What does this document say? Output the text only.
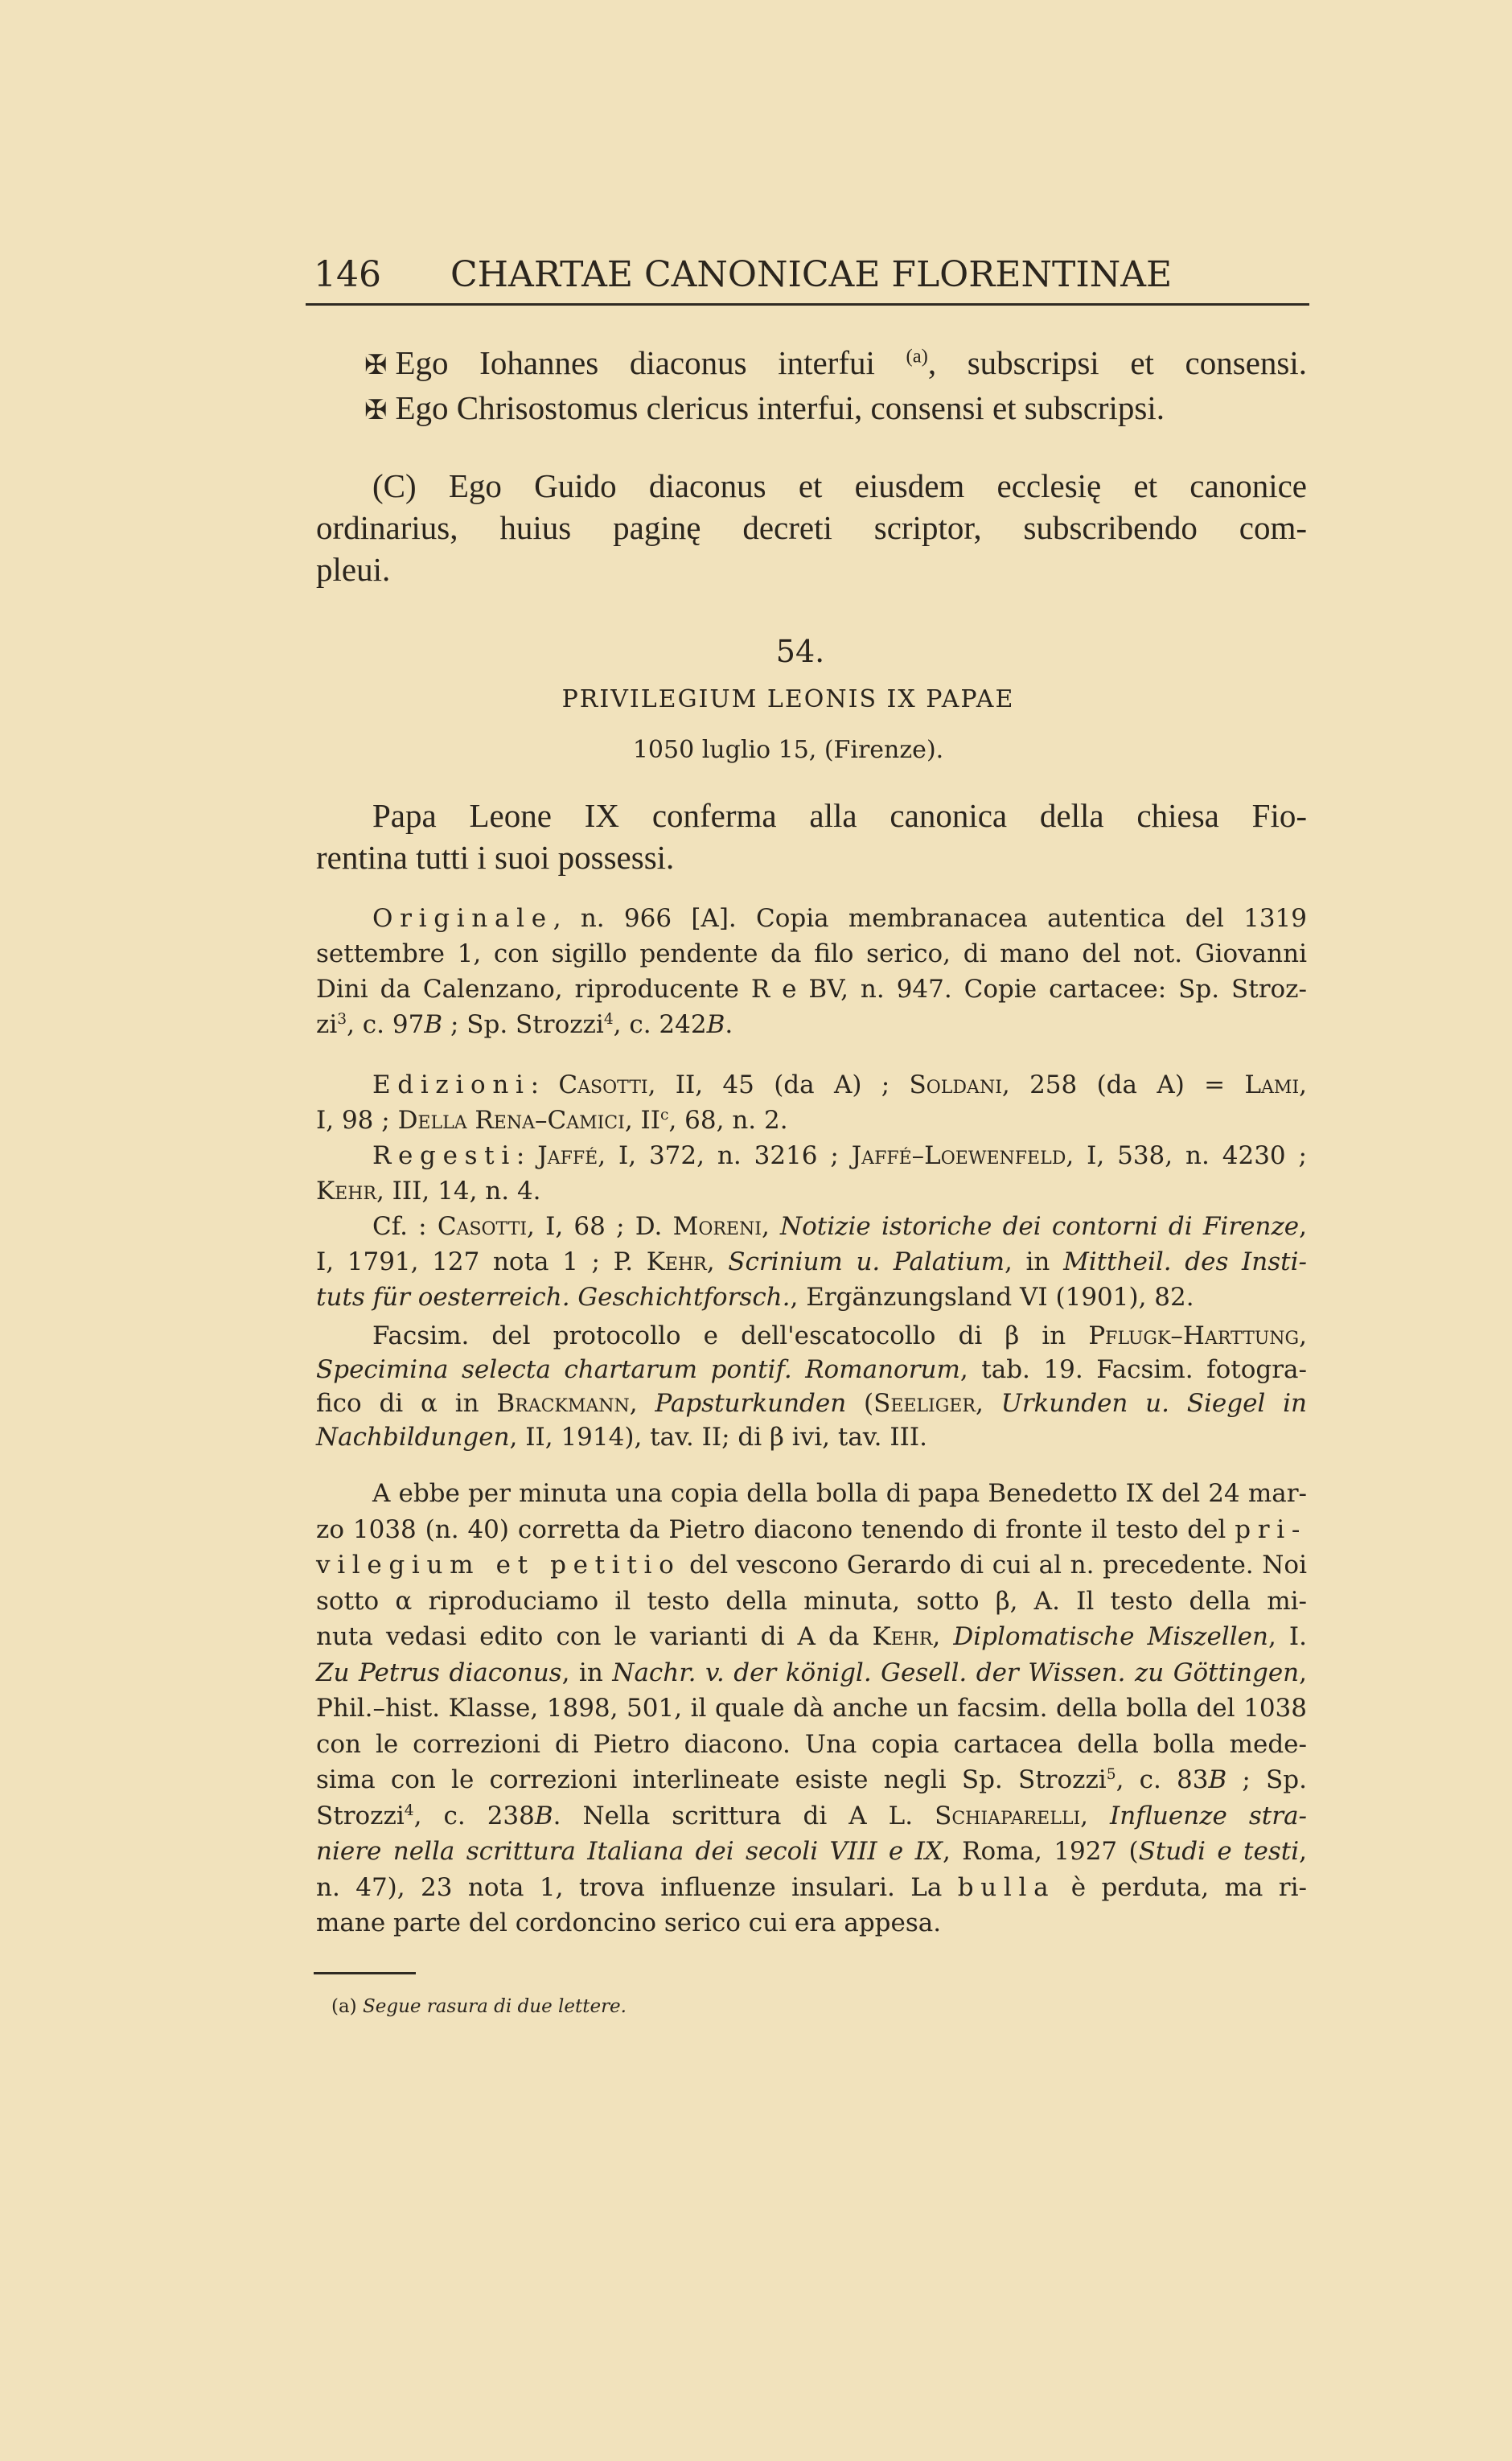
146 CHARTAE CANONICAE FLORENTINAE
✠ Ego Iohannes diaconus interfui $^{(a)}$, subscripsi et consensi.
✠ Ego Chrisostomus clericus interfui, consensi et subscripsi.
(C) Ego Guido diaconus et eiusdem ecclesię et canonice
ordinarius, huius paginę decreti scriptor, subscribendo com-
pleui.
54.
PRIVILEGIUM LEONIS IX PAPAE
1050 luglio 15, (Firenze).
Papa Leone IX conferma alla canonica della chiesa Fio-
rentina tutti i suoi possessi.
Originale, n. 966 [A]. Copia membranacea autentica del 1319
settembre 1, con sigillo pendente da filo serico, di mano del not. Giovanni
Dini da Calenzano, riproducente R e BV, n. 947. Copie cartacee: Sp. Stroz-
$zi^3$, c. 97B ; Sp. Strozzi$^4$, c. 242B.
Edizioni: Casotti, II, 45 (da A) ; Soldani, 258 (da A) = Lami,
I, 98 ; Della Rena–Camici, $II^c$, 68, n. 2.
Regesti: Jaffé, I, 372, n. 3216 ; Jaffé–Loewenfeld, I, 538, n. 4230 ;
Kehr, III, 14, n. 4.
Cf. : Casotti, I, 68 ; D. Moreni, Notizie istoriche dei contorni di Firenze,
I, 1791, 127 nota 1 ; P. Kehr, Scrinium u. Palatium, in Mittheil. des Insti-
tuts für oesterreich. Geschichtforsch., Ergänzungsland VI (1901), 82.
Facsim. del protocollo e dell'escatocollo di β in Pflugk–Harttung,
Specimina selecta chartarum pontif. Romanorum, tab. 19. Facsim. fotogra-
fico di α in Brackmann, Papsturkunden (Seeliger, Urkunden u. Siegel in
Nachbildungen, II, 1914), tav. II; di β ivi, tav. III.
A ebbe per minuta una copia della bolla di papa Benedetto IX del 24 mar-
zo 1038 (n. 40) corretta da Pietro diacono tenendo di fronte il testo del pri-
vilegium et petitio del vescono Gerardo di cui al n. precedente. Noi
sotto α riproduciamo il testo della minuta, sotto β, A. Il testo della mi-
nuta vedasi edito con le varianti di A da Kehr, Diplomatische Miszellen, I.
Zu Petrus diaconus, in Nachr. v. der königl. Gesell. der Wissen. zu Göttingen,
Phil.–hist. Klasse, 1898, 501, il quale dà anche un facsim. della bolla del 1038
con le correzioni di Pietro diacono. Una copia cartacea della bolla mede-
sima con le correzioni interlineate esiste negli Sp. Strozzi$^5$, c. 83B ; Sp.
Strozzi$^4$, c. 238B. Nella scrittura di A L. Schiaparelli, Influenze stra-
niere nella scrittura Italiana dei secoli VIII e IX, Roma, 1927 (Studi e testi,
n. 47), 23 nota 1, trova influenze insulari. La bulla è perduta, ma ri-
mane parte del cordoncino serico cui era appesa.
(a) Segue rasura di due lettere.
